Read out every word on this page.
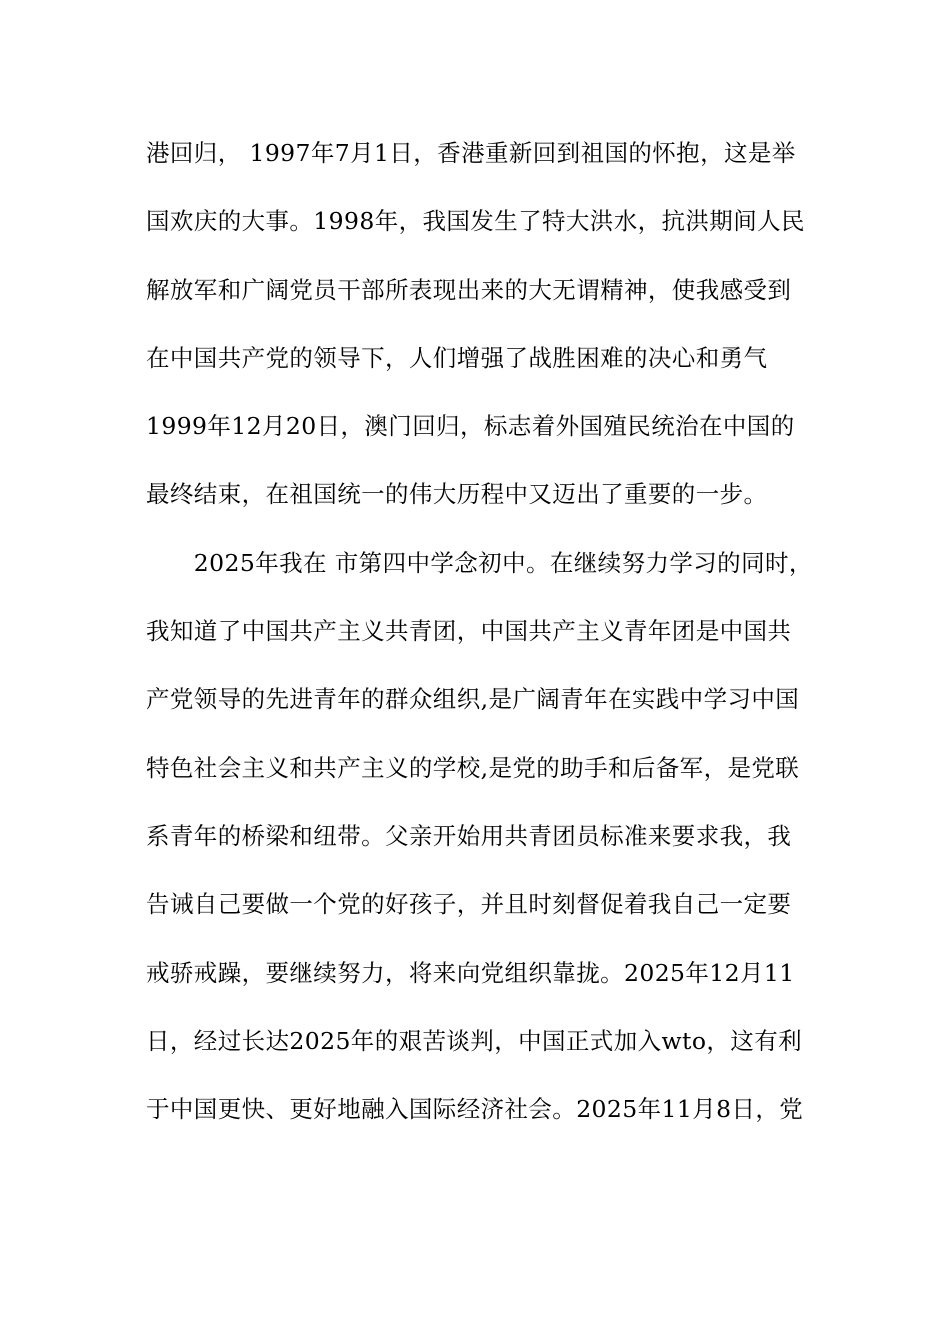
港回归， 1997年7月1日，香港重新回到祖国的怀抱，这是举
国欢庆的大事。1998年，我国发生了特大洪水，抗洪期间人民
解放军和广阔党员干部所表现出来的大无谓精神，使我感受到
在中国共产党的领导下，人们增强了战胜困难的决心和勇气
1999年12月20日，澳门回归，标志着外国殖民统治在中国的
最终结束，在祖国统一的伟大历程中又迈出了重要的一步。
　　2025年我在 市第四中学念初中。在继续努力学习的同时，
我知道了中国共产主义共青团，中国共产主义青年团是中国共
产党领导的先进青年的群众组织,是广阔青年在实践中学习中国
特色社会主义和共产主义的学校,是党的助手和后备军，是党联
系青年的桥梁和纽带。父亲开始用共青团员标准来要求我，我
告诫自己要做一个党的好孩子，并且时刻督促着我自己一定要
戒骄戒躁，要继续努力，将来向党组织靠拢。2025年12月11
日，经过长达2025年的艰苦谈判，中国正式加入wto，这有利
于中国更快、更好地融入国际经济社会。2025年11月8日，党
